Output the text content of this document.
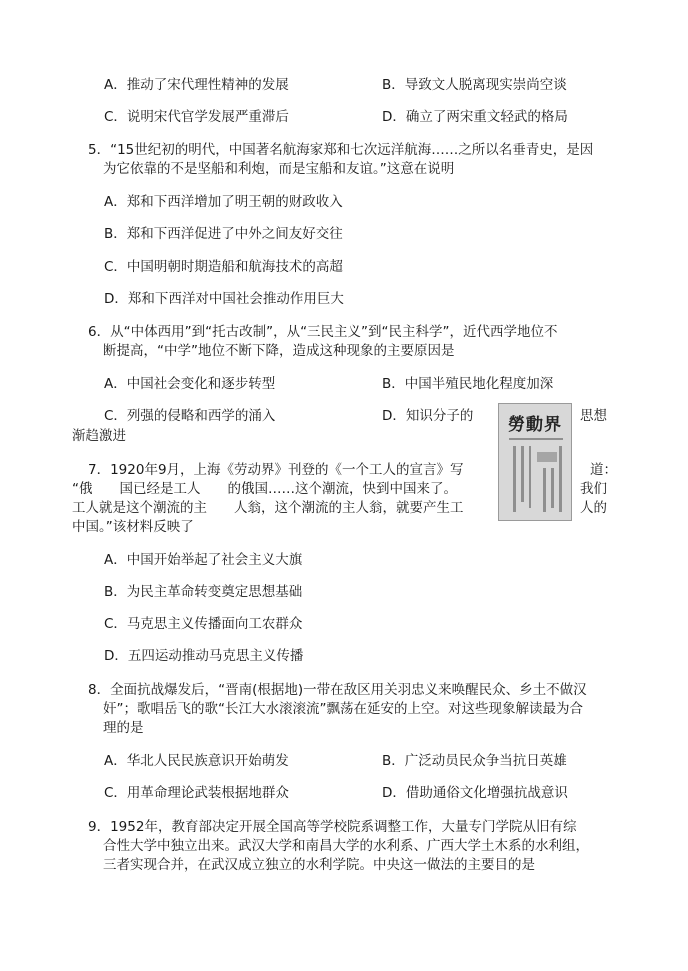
A．推动了宋代理性精神的发展	B．导致文人脱离现实崇尚空谈
C．说明宋代官学发展严重滞后	D．确立了两宋重文轻武的格局
5．“15世纪初的明代，中国著名航海家郑和七次远洋航海……之所以名垂青史，是因
为它依靠的不是坚船和利炮，而是宝船和友谊。”这意在说明
A．郑和下西洋增加了明王朝的财政收入
B．郑和下西洋促进了中外之间友好交往
C．中国明朝时期造船和航海技术的高超
D．郑和下西洋对中国社会推动作用巨大
6．从“中体西用”到“托古改制”，从“三民主义”到“民主科学”，近代西学地位不
断提高，“中学”地位不断下降，造成这种现象的主要原因是
A．中国社会变化和逐步转型	B．中国半殖民地化程度加深
C．列强的侵略和西学的涌入	D．知识分子的	思想
渐趋激进
勞動界
7．1920年9月，上海《劳动界》刊登的《一个工人的宣言》写	道：
“俄　　国已经是工人　　的俄国……这个潮流，快到中国来了。	我们
工人就是这个潮流的主　　人翁，这个潮流的主人翁，就要产生工	人的
中国。”该材料反映了
A．中国开始举起了社会主义大旗
B．为民主革命转变奠定思想基础
C．马克思主义传播面向工农群众
D．五四运动推动马克思主义传播
8．全面抗战爆发后，“晋南(根据地)一带在敌区用关羽忠义来唤醒民众、乡土不做汉
奸”；歌唱岳飞的歌“长江大水滚滚流”飘荡在延安的上空。对这些现象解读最为合
理的是
A．华北人民民族意识开始萌发	B．广泛动员民众争当抗日英雄
C．用革命理论武装根据地群众	D．借助通俗文化增强抗战意识
9．1952年，教育部决定开展全国高等学校院系调整工作，大量专门学院从旧有综
合性大学中独立出来。武汉大学和南昌大学的水利系、广西大学土木系的水利组，
三者实现合并，在武汉成立独立的水利学院。中央这一做法的主要目的是
